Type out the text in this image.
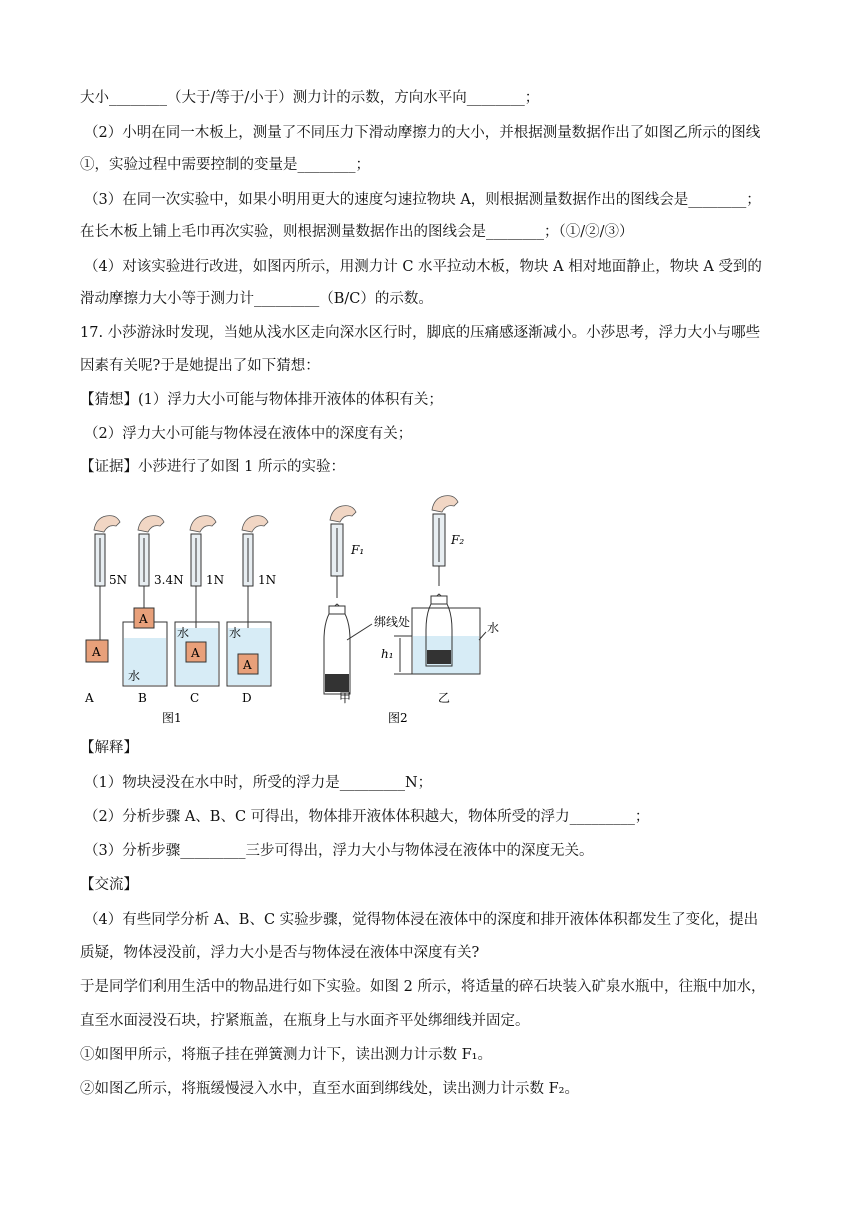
大小________（大于/等于/小于）测力计的示数，方向水平向________；
（2）小明在同一木板上，测量了不同压力下滑动摩擦力的大小，并根据测量数据作出了如图乙所示的图线
①，实验过程中需要控制的变量是________；
（3）在同一次实验中，如果小明用更大的速度匀速拉物块 A，则根据测量数据作出的图线会是________；
在长木板上铺上毛巾再次实验，则根据测量数据作出的图线会是________；（①/②/③）
（4）对该实验进行改进，如图丙所示，用测力计 C 水平拉动木板，物块 A 相对地面静止，物块 A 受到的
滑动摩擦力大小等于测力计_________（B/C）的示数。
17. 小莎游泳时发现，当她从浅水区走向深水区行时，脚底的压痛感逐渐减小。小莎思考，浮力大小与哪些
因素有关呢?于是她提出了如下猜想：
【猜想】(1）浮力大小可能与物体排开液体的体积有关；
（2）浮力大小可能与物体浸在液体中的深度有关；
【证据】小莎进行了如图 1 所示的实验：
【解释】
（1）物块浸没在水中时，所受的浮力是_________N；
（2）分析步骤 A、B、C 可得出，物体排开液体体积越大，物体所受的浮力_________；
（3）分析步骤_________三步可得出，浮力大小与物体浸在液体中的深度无关。
【交流】
（4）有些同学分析 A、B、C 实验步骤，觉得物体浸在液体中的深度和排开液体体积都发生了变化，提出
质疑，物体浸没前，浮力大小是否与物体浸在液体中深度有关?
于是同学们利用生活中的物品进行如下实验。如图 2 所示，将适量的碎石块装入矿泉水瓶中，往瓶中加水，
直至水面浸没石块，拧紧瓶盖，在瓶身上与水面齐平处绑细线并固定。
①如图甲所示，将瓶子挂在弹簧测力计下，读出测力计示数 F₁。
②如图乙所示，将瓶缓慢浸入水中，直至水面到绑线处，读出测力计示数 F₂。
5N
A
A
3.4N
A
水
B
1N
水
A
C
1N
水
A
D
图1
F₁
绑线处
甲
F₂
h₁
水
乙
图2
